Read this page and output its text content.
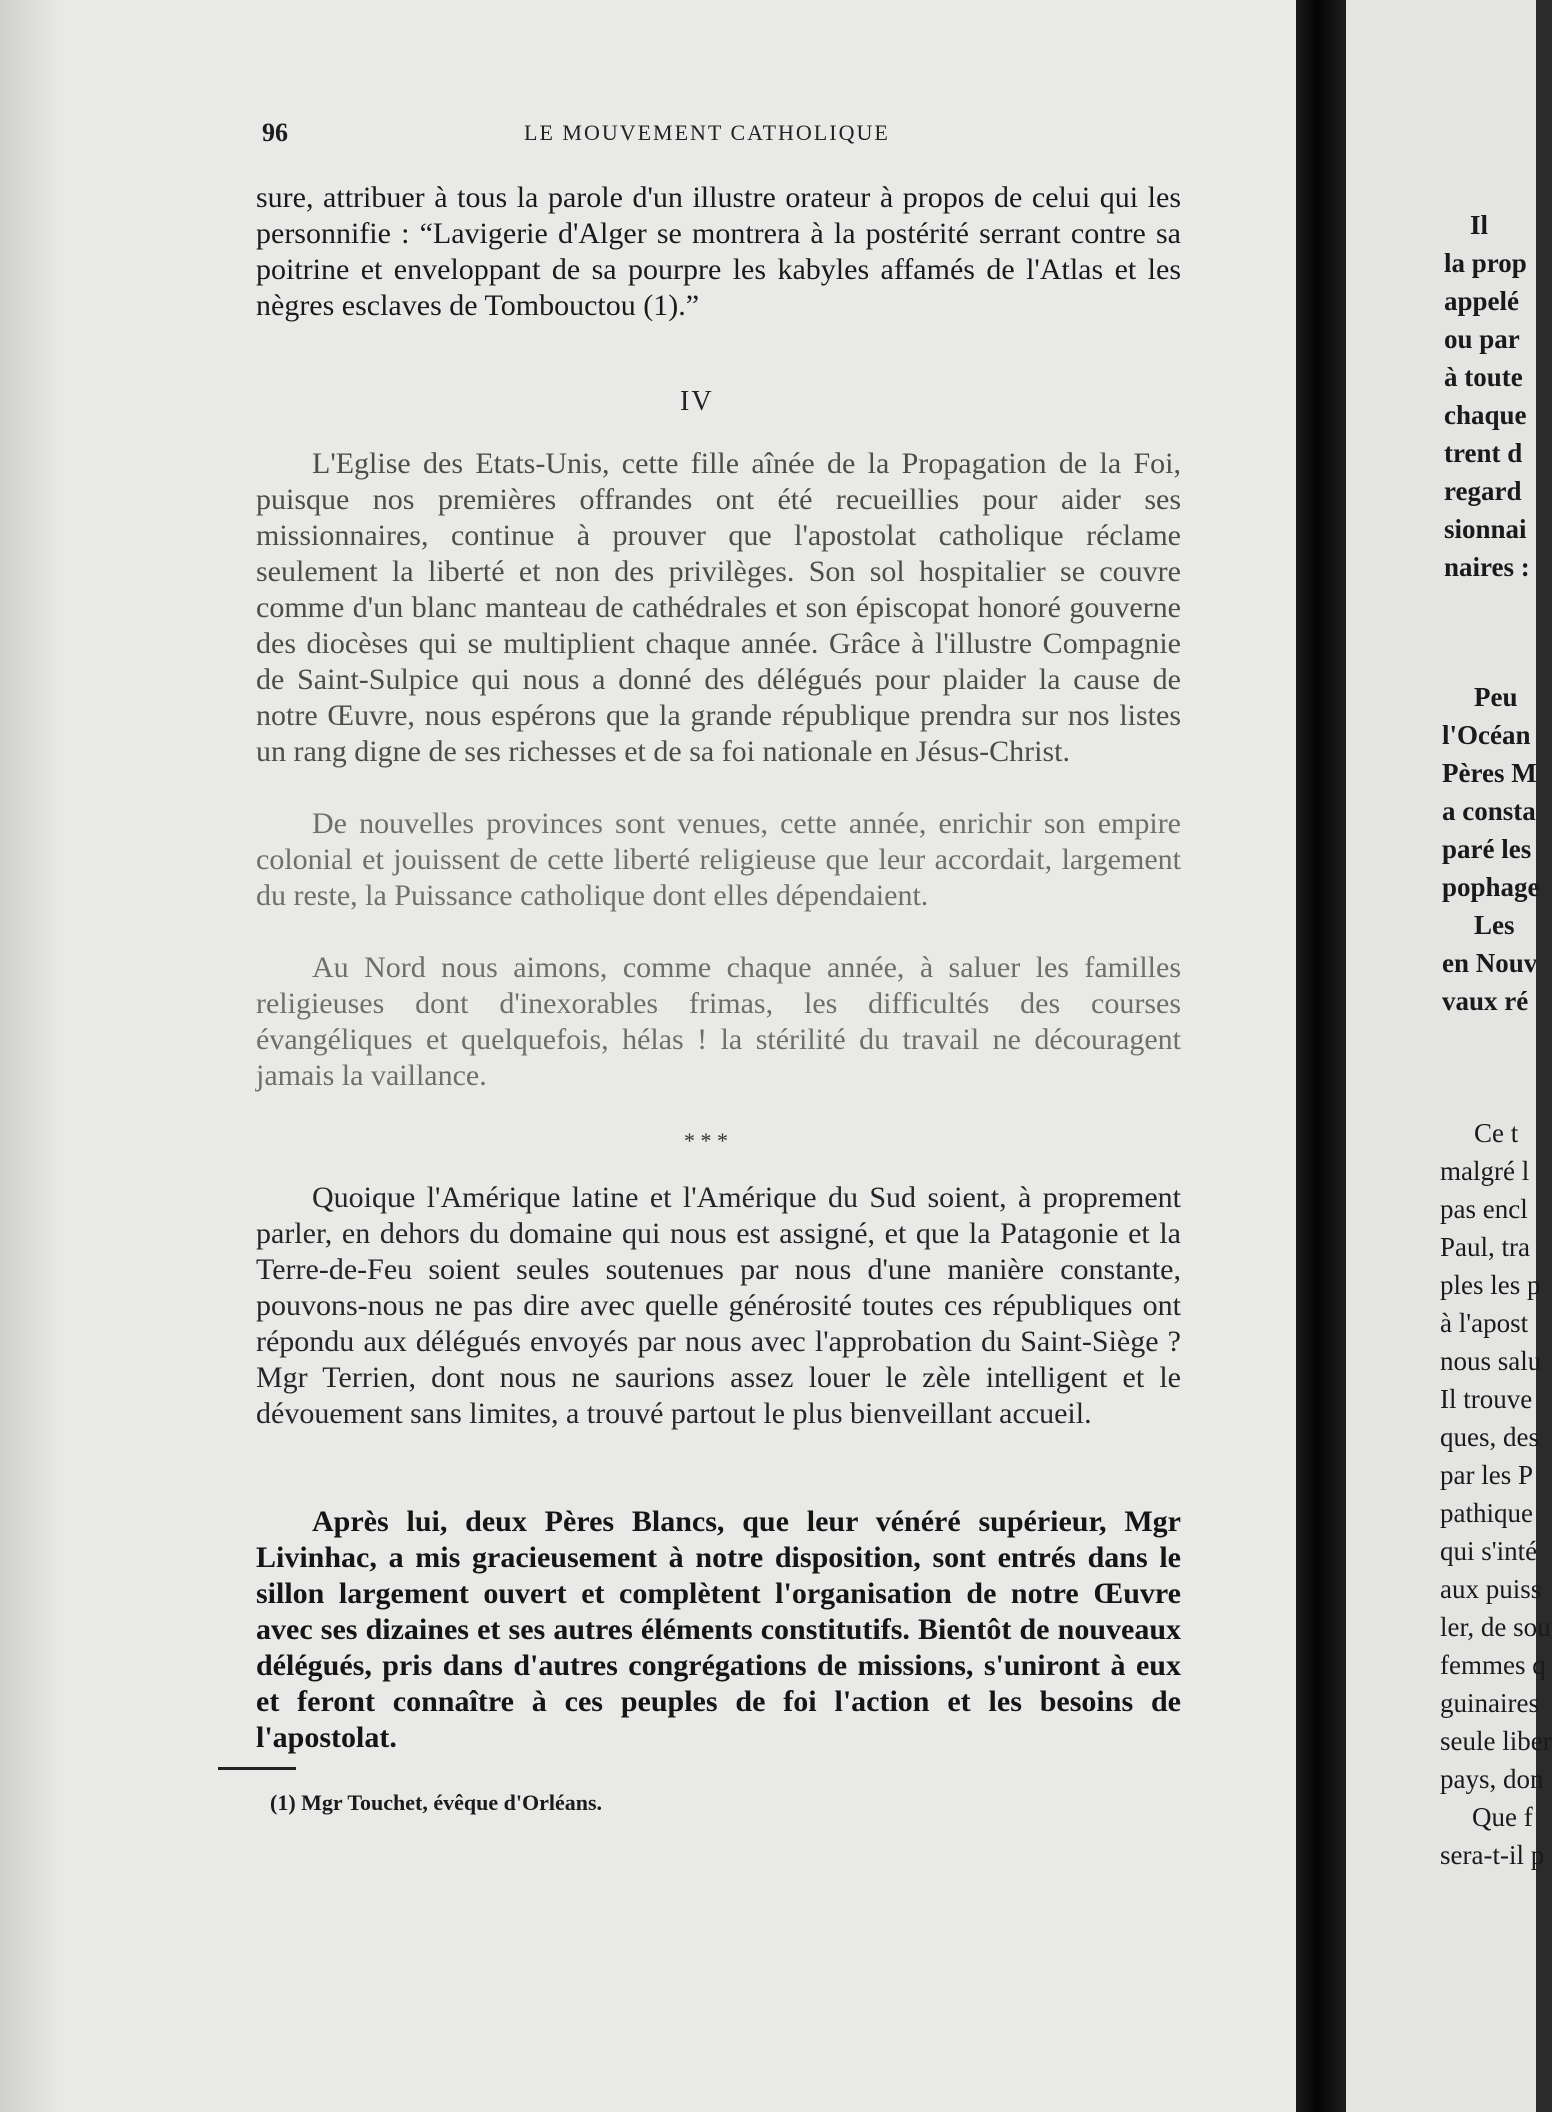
96	LE MOUVEMENT CATHOLIQUE

sure, attribuer à tous la parole d'un illustre orateur à propos de celui qui les personnifie : “Lavigerie d'Alger se montrera à la postérité serrant contre sa poitrine et enveloppant de sa pourpre les kabyles affamés de l'Atlas et les nègres esclaves de Tombouctou (1).”

IV

L'Eglise des Etats-Unis, cette fille aînée de la Propagation de la Foi, puisque nos premières offrandes ont été recueillies pour aider ses missionnaires, continue à prouver que l'apostolat catholique réclame seulement la liberté et non des privilèges. Son sol hospitalier se couvre comme d'un blanc manteau de cathédrales et son épiscopat honoré gouverne des diocèses qui se multiplient chaque année. Grâce à l'illustre Compagnie de Saint-Sulpice qui nous a donné des délégués pour plaider la cause de notre Œuvre, nous espérons que la grande république prendra sur nos listes un rang digne de ses richesses et de sa foi nationale en Jésus-Christ.

De nouvelles provinces sont venues, cette année, enrichir son empire colonial et jouissent de cette liberté religieuse que leur accordait, largement du reste, la Puissance catholique dont elles dépendaient.

Au Nord nous aimons, comme chaque année, à saluer les familles religieuses dont d'inexorables frimas, les difficultés des courses évangéliques et quelquefois, hélas ! la stérilité du travail ne découragent jamais la vaillance.

* * *

Quoique l'Amérique latine et l'Amérique du Sud soient, à proprement parler, en dehors du domaine qui nous est assigné, et que la Patagonie et la Terre-de-Feu soient seules soutenues par nous d'une manière constante, pouvons-nous ne pas dire avec quelle générosité toutes ces républiques ont répondu aux délégués envoyés par nous avec l'approbation du Saint-Siège ? Mgr Terrien, dont nous ne saurions assez louer le zèle intelligent et le dévouement sans limites, a trouvé partout le plus bienveillant accueil.

Après lui, deux Pères Blancs, que leur vénéré supérieur, Mgr Livinhac, a mis gracieusement à notre disposition, sont entrés dans le sillon largement ouvert et complètent l'organisation de notre Œuvre avec ses dizaines et ses autres éléments constitutifs. Bientôt de nouveaux délégués, pris dans d'autres congrégations de missions, s'uniront à eux et feront connaître à ces peuples de foi l'action et les besoins de l'apostolat.

(1) Mgr Touchet, évêque d'Orléans.
Il
la prop
appelé
ou par
à toute
chaque
trent d
regard
sionnai
naires :
Peu
l'Océan
Pères M
a consta
paré les
pophage
Les
en Nouv
vaux ré
Ce t
malgré l
pas encl
Paul, tra
ples les p
à l'apost
nous salu
Il trouve
ques, des
par les P
pathique
qui s'inté
aux puiss
ler, de sou
femmes q
guinaires
seule liber
pays, don
Que f
sera-t-il p
